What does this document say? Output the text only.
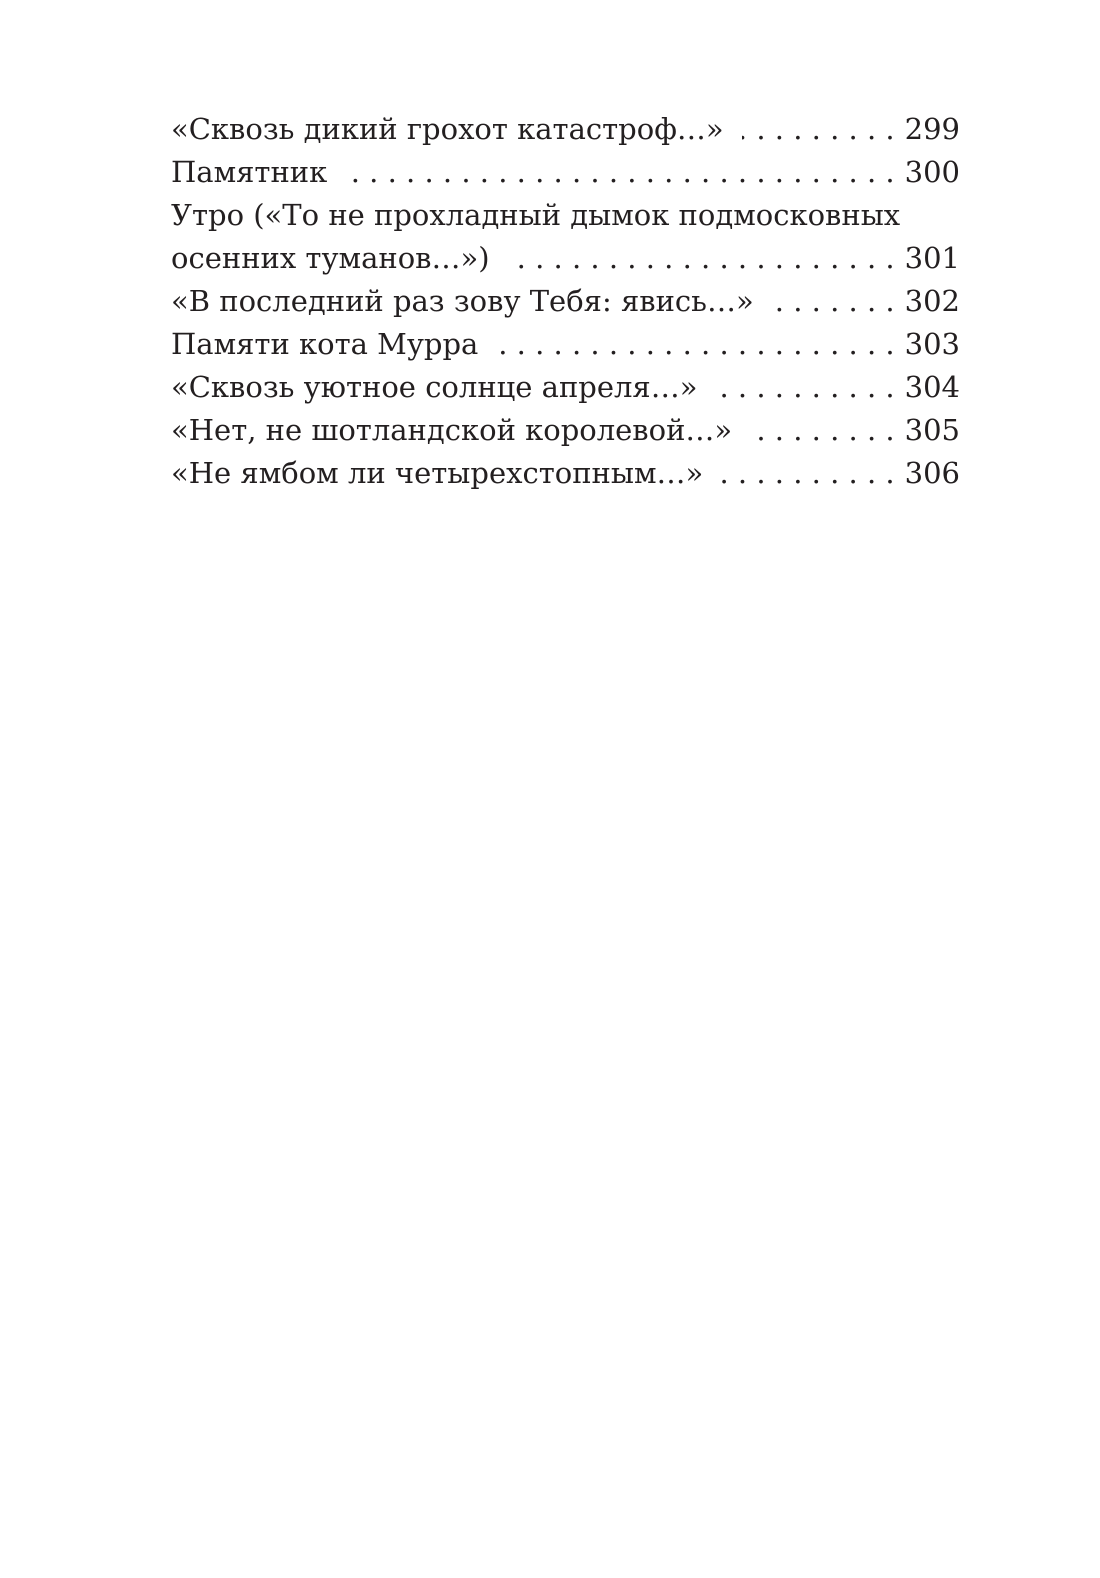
«Сквозь дикий грохот катастроф…» . . .	299
Памятник . . .	300
Утро («То не прохладный дымок подмосковных
осенних туманов…») . . .	301
«В последний раз зову Тебя: явись…» . . .	302
Памяти кота Мурра . . .	303
«Сквозь уютное солнце апреля…» . . .	304
«Нет, не шотландской королевой…» . . .	305
«Не ямбом ли четырехстопным…» . . .	306
